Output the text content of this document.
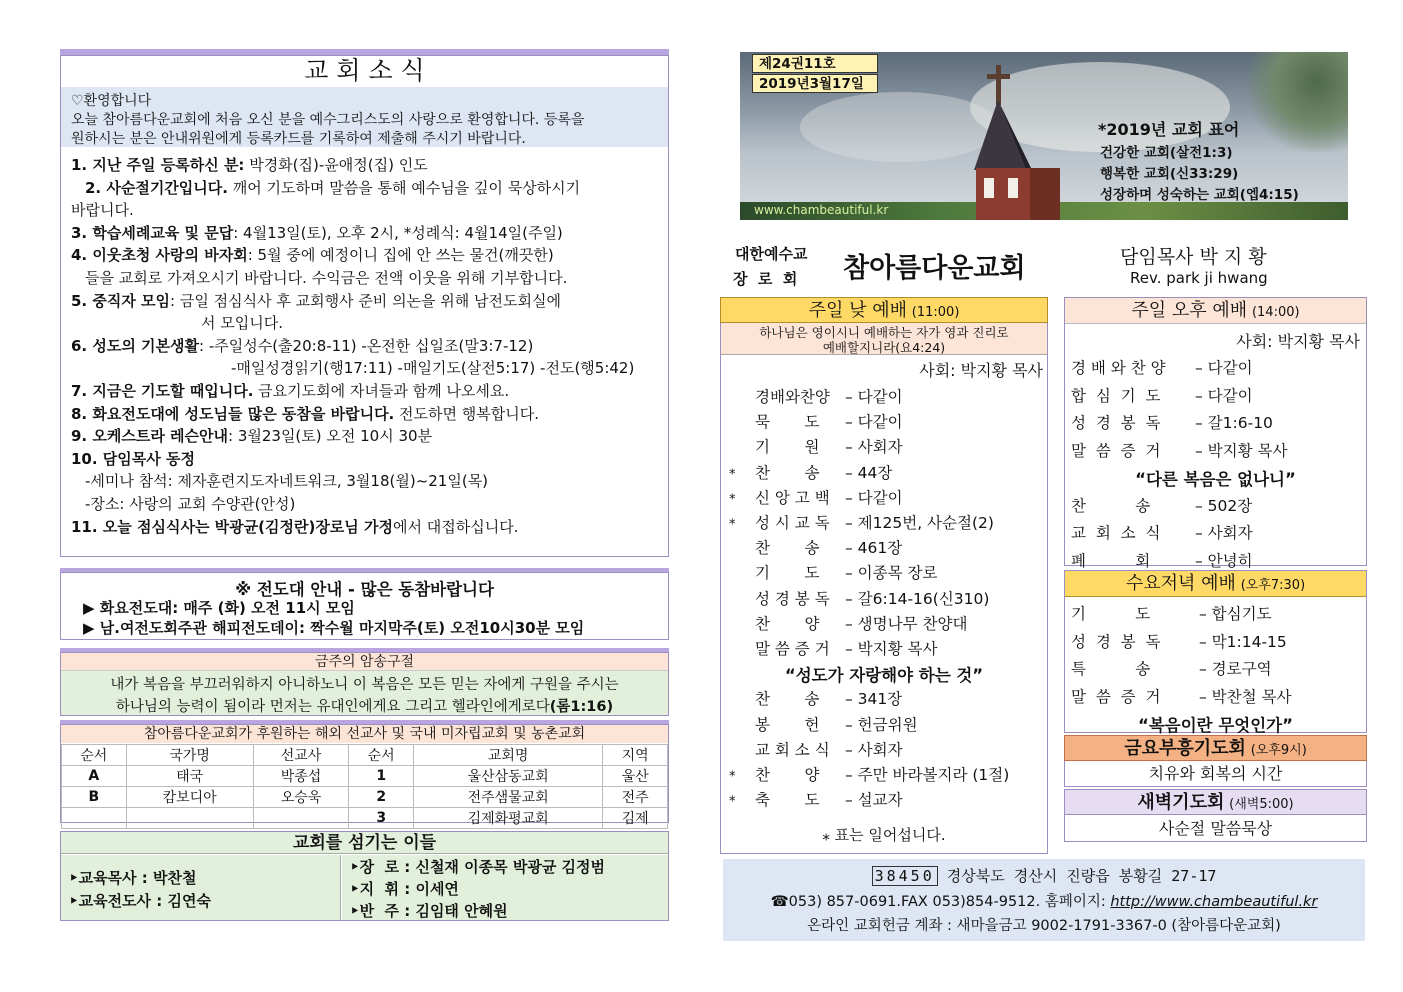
교 회 소 식
♡환영합니다
오늘 참아름다운교회에 처음 오신 분을 예수그리스도의 사랑으로 환영합니다. 등록을
원하시는 분은 안내위원에게 등록카드를 기록하여 제출해 주시기 바랍니다.
1. 지난 주일 등록하신 분: 박경화(집)-윤애정(집) 인도
2. 사순절기간입니다. 깨어 기도하며 말씀을 통해 예수님을 깊이 묵상하시기
바랍니다.
3. 학습세례교육 및 문답: 4월13일(토), 오후 2시, *성례식: 4월14일(주일)
4. 이웃초청 사랑의 바자회: 5월 중에 예정이니 집에 안 쓰는 물건(깨끗한)
들을 교회로 가져오시기 바랍니다. 수익금은 전액 이웃을 위해 기부합니다.
5. 중직자 모임: 금일 점심식사 후 교회행사 준비 의논을 위해 남전도회실에
서 모입니다.
6. 성도의 기본생활: -주일성수(출20:8-11) -온전한 십일조(말3:7-12)
-매일성경읽기(행17:11) -매일기도(살전5:17) -전도(행5:42)
7. 지금은 기도할 때입니다. 금요기도회에 자녀들과 함께 나오세요.
8. 화요전도대에 성도님들 많은 동참을 바랍니다. 전도하면 행복합니다.
9. 오케스트라 레슨안내: 3월23일(토) 오전 10시 30분
10. 담임목사 동정
-세미나 참석: 제자훈련지도자네트워크, 3월18(월)~21일(목)
-장소: 사랑의 교회 수양관(안성)
11. 오늘 점심식사는 박광균(김정란)장로님 가정에서 대접하십니다.
※ 전도대 안내 - 많은 동참바랍니다
▶ 화요전도대: 매주 (화) 오전 11시 모임
▶ 남.여전도회주관 해피전도데이: 짝수월 마지막주(토) 오전10시30분 모임
금주의 암송구절
내가 복음을 부끄러워하지 아니하노니 이 복음은 모든 믿는 자에게 구원을 주시는
하나님의 능력이 됨이라 먼저는 유대인에게요 그리고 헬라인에게로다(롬1:16)
참아름다운교회가 후원하는 해외 선교사 및 국내 미자립교회 및 농촌교회
순서	국가명	선교사	순서	교회명	지역
A	태국	박종섭	1	울산삼동교회	울산
B	캄보디아	오승욱	2	전주샘물교회	전주
			3	김제화평교회	김제
교회를 섬기는 이들
‣교육목사 : 박찬철
‣교육전도사 : 김연숙
‣장  로 : 신철재 이종목 박광균 김정범
‣지  휘 : 이세연
‣반  주 : 김임태 안혜원
제24권11호
2019년3월17일
*2019년 교회 표어
건강한 교회(살전1:3)
행복한 교회(신33:29)
성장하며 성숙하는 교회(엡4:15)
www.chambeautiful.kr
대한예수교
장  로  회 참아름다운교회	담임목사 박 지 황
Rev. park ji hwang
주일 낮 예배 (11:00)
하나님은 영이시니 예배하는 자가 영과 진리로
예배할지니라(요4:24)
사회: 박지황 목사
경배와찬양 – 다같이
묵       도 – 다같이
기       원 – 사회자
⁎ 찬       송 – 44장
⁎ 신 앙 고 백 – 다같이
⁎ 성 시 교 독 – 제125번, 사순절(2)
찬       송 – 461장
기       도 – 이종목 장로
성 경 봉 독 – 갈6:14-16(신310)
찬       양 – 생명나무 찬양대
말 씀 증 거 – 박지황 목사
“성도가 자랑해야 하는 것”
찬       송 – 341장
봉       헌 – 헌금위원
교 회 소 식 – 사회자
⁎ 찬       양 – 주만 바라볼지라 (1절)
⁎ 축       도 – 설교자
⁎ 표는 일어섭니다.
주일 오후 예배 (14:00)
사회: 박지황 목사
경 배 와 찬 양 – 다같이
합  심  기  도 – 다같이
성  경  봉  독 – 갈1:6-10
말  씀  증  거 – 박지황 목사
“다른 복음은 없나니”
찬          송	– 502장
교  회  소  식 – 사회자
폐          회	– 안녕히
수요저녁 예배 (오후7:30)
기          도	– 합심기도
성  경  봉  독 – 막1:14-15
특          송	– 경로구역
말  씀  증  거 – 박찬철 목사
“복음이란 무엇인가”
금요부흥기도회 (오후9시)
치유와 회복의 시간
새벽기도회 (새벽5:00)
사순절 말씀묵상
38450 경상북도 경산시 진량읍 봉황길 27-17
☎053) 857-0691.FAX 053)854-9512. 홈페이지: http://www.chambeautiful.kr
온라인 교회헌금 계좌 : 새마을금고 9002-1791-3367-0 (참아름다운교회)
